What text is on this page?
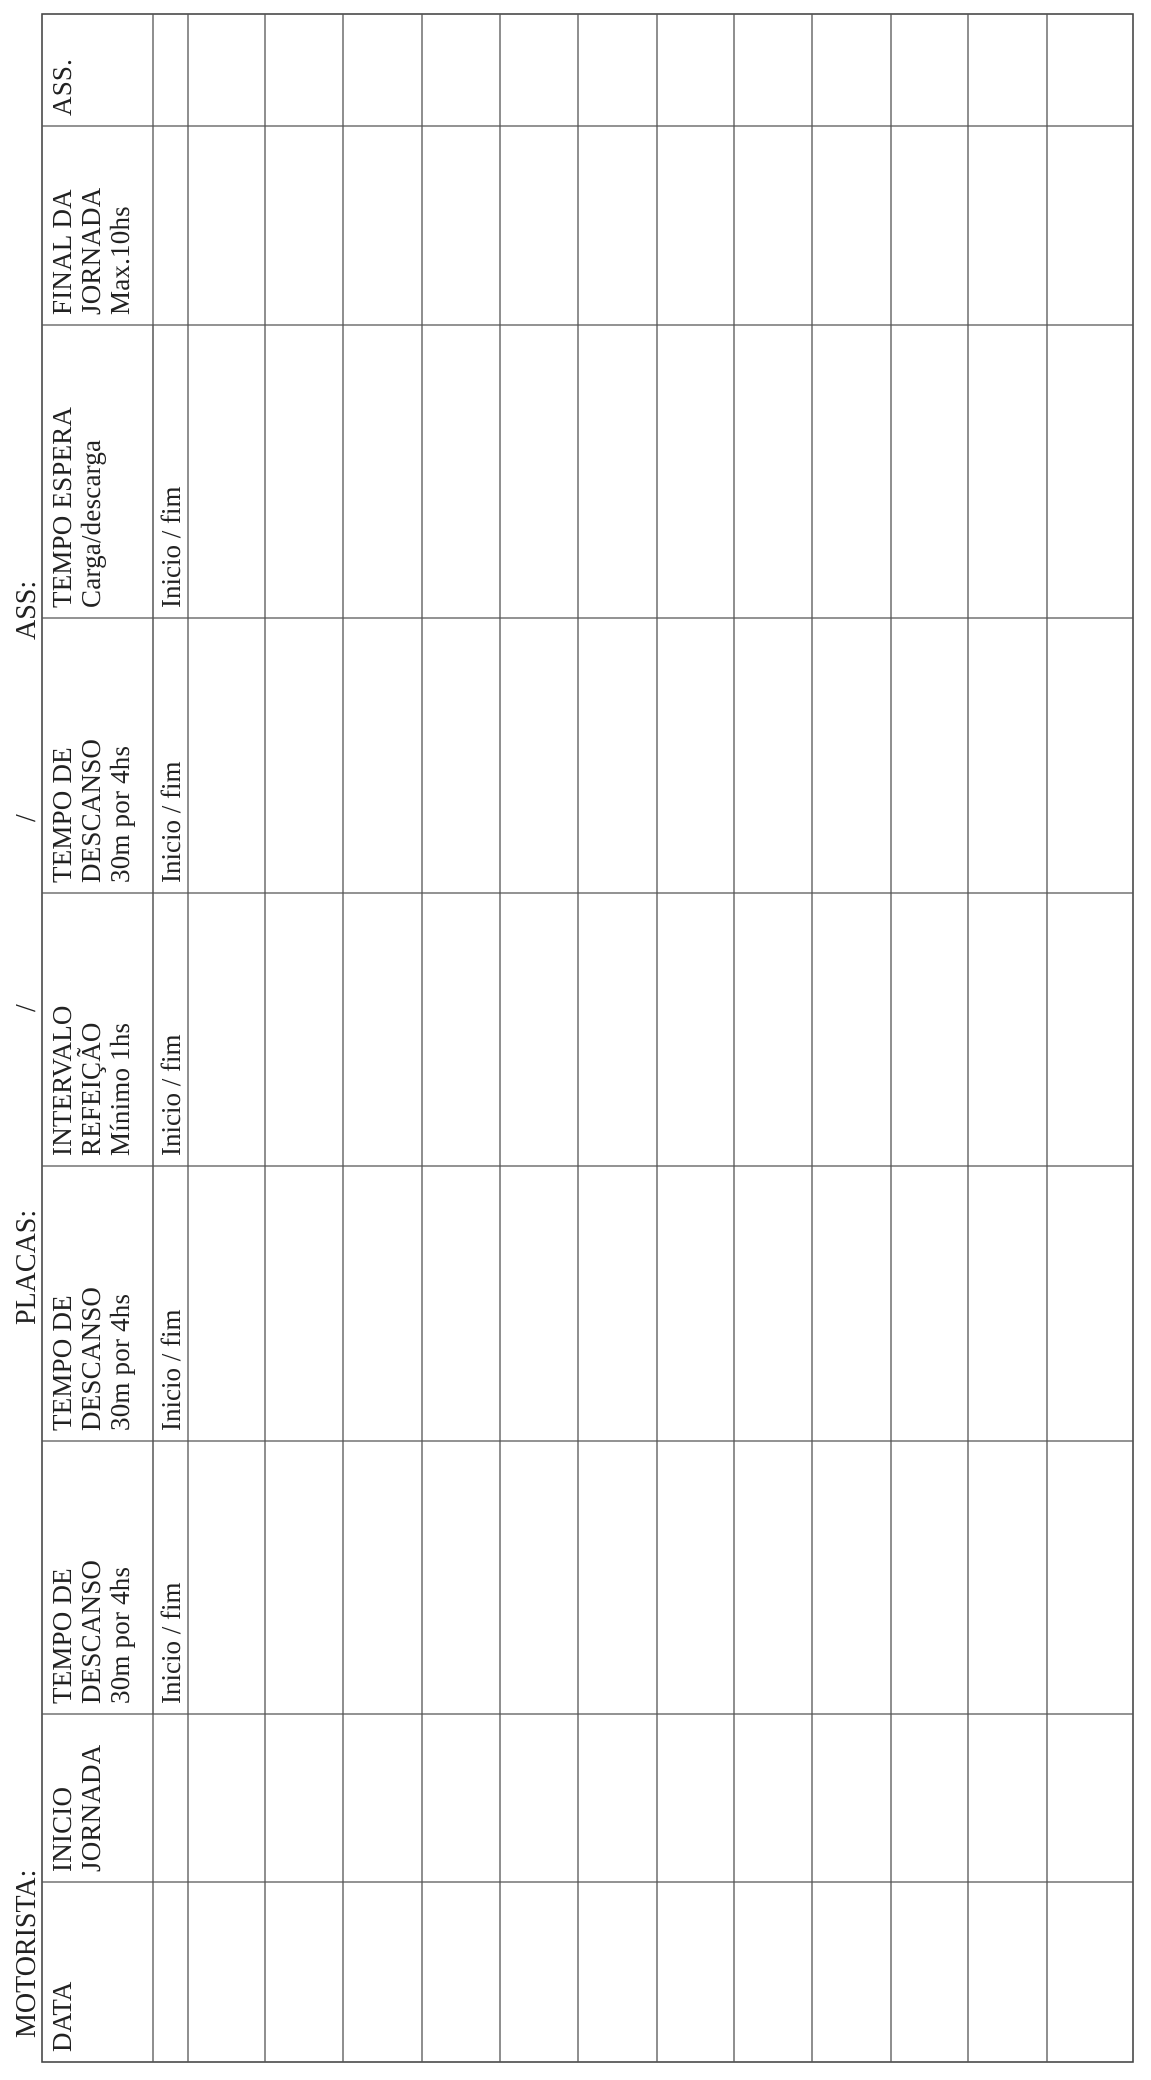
MOTORISTA:
PLACAS:
/
/
ASS:
DATA
INICIO JORNADA
TEMPO DE DESCANSO 30m por 4hs Inicio / fim
TEMPO DE DESCANSO 30m por 4hs Inicio / fim
INTERVALO REFEIÇÃO Mínimo 1hs Inicio / fim
TEMPO DE DESCANSO 30m por 4hs Inicio / fim
TEMPO ESPERA Carga/descarga Inicio / fim
FINAL DA JORNADA Max.10hs
ASS.
